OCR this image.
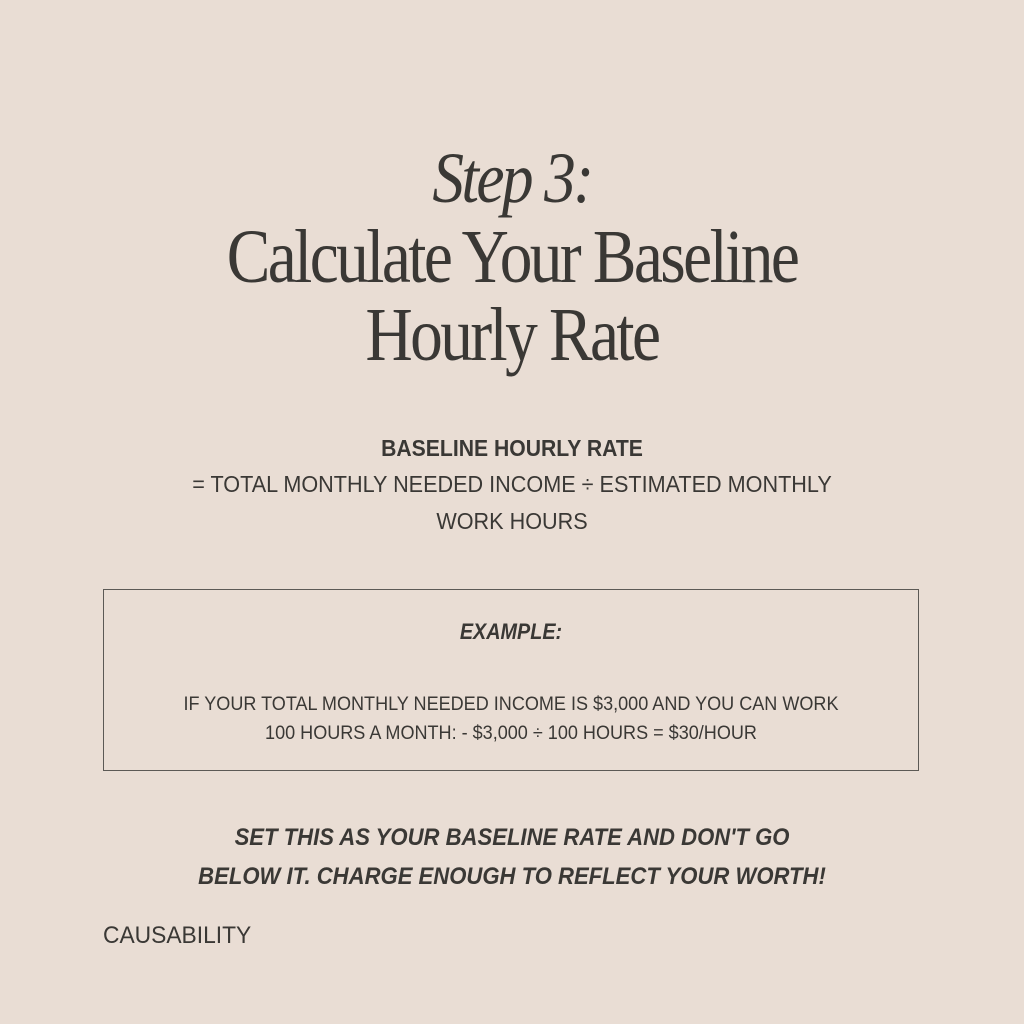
Step 3:
Calculate Your Baseline
Hourly Rate
BASELINE HOURLY RATE
= TOTAL MONTHLY NEEDED INCOME ÷ ESTIMATED MONTHLY
WORK HOURS
EXAMPLE:
IF YOUR TOTAL MONTHLY NEEDED INCOME IS $3,000 AND YOU CAN WORK
100 HOURS A MONTH: - $3,000 ÷ 100 HOURS = $30/HOUR
SET THIS AS YOUR BASELINE RATE AND DON'T GO
BELOW IT. CHARGE ENOUGH TO REFLECT YOUR WORTH!
CAUSABILITY
